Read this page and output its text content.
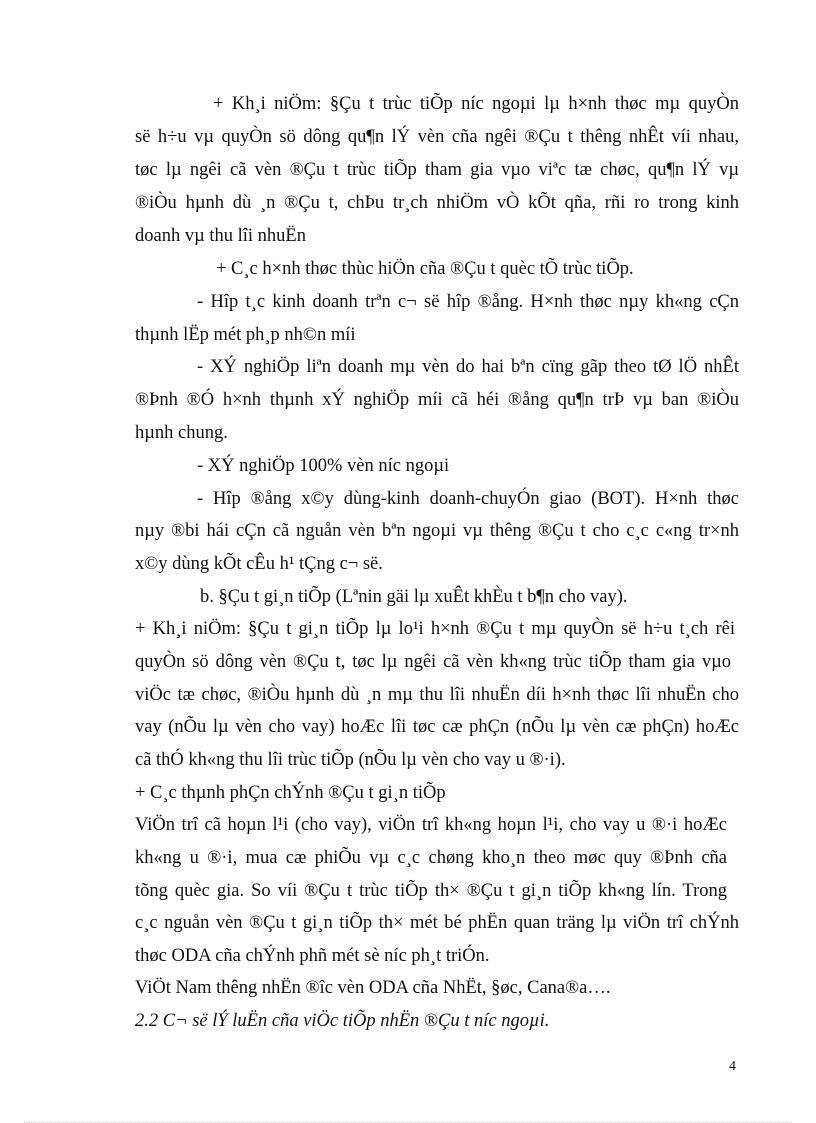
+ Kh¸i niÖm: §Çu t trùc tiÕp níc ngoµi lµ h×nh thøc mµ quyÒn
së h÷u vµ quyÒn sö dông qu¶n lÝ vèn cña ngêi ®Çu t thêng nhÊt víi nhau,
tøc lµ ngêi cã vèn ®Çu t trùc tiÕp tham gia vµo viªc tæ chøc, qu¶n lÝ vµ
®iÒu hµnh dù ¸n ®Çu t, chÞu tr¸ch nhiÖm vÒ kÕt qña, rñi ro trong kinh
doanh vµ thu lîi nhuËn
+ C¸c h×nh thøc thùc hiÖn cña ®Çu t quèc tÕ trùc tiÕp.
- Hîp t¸c kinh doanh trªn c¬ së hîp ®ång. H×nh thøc nµy kh«ng cÇn
thµnh lËp mét ph¸p nh©n míi
- XÝ nghiÖp liªn doanh mµ vèn do hai bªn cïng gãp theo tØ lÖ nhÊt
®Þnh ®Ó h×nh thµnh xÝ nghiÖp míi cã héi ®ång qu¶n trÞ vµ ban ®iÒu
hµnh chung.
- XÝ nghiÖp 100% vèn níc ngoµi
- Hîp ®ång x©y dùng-kinh doanh-chuyÓn giao (BOT). H×nh thøc
nµy ®bi hái cÇn cã nguån vèn bªn ngoµi vµ thêng ®Çu t cho c¸c c«ng tr×nh
x©y dùng kÕt cÊu h¹ tÇng c¬ së.
b. §Çu t gi¸n tiÕp (Lªnin gäi lµ xuÊt khÈu t b¶n cho vay).
+ Kh¸i niÖm: §Çu t gi¸n tiÕp lµ lo¹i h×nh ®Çu t mµ quyÒn së h÷u t¸ch rêi
quyÒn sö dông vèn ®Çu t, tøc lµ ngêi cã vèn kh«ng trùc tiÕp tham gia vµo
viÖc tæ chøc, ®iÒu hµnh dù ¸n mµ thu lîi nhuËn díi h×nh thøc lîi nhuËn cho
vay (nÕu lµ vèn cho vay) hoÆc lîi tøc cæ phÇn (nÕu lµ vèn cæ phÇn) hoÆc
cã thÓ kh«ng thu lîi trùc tiÕp (nÕu lµ vèn cho vay u ®·i).
+ C¸c thµnh phÇn chÝnh ®Çu t gi¸n tiÕp
ViÖn trî cã hoµn l¹i (cho vay), viÖn trî kh«ng hoµn l¹i, cho vay u ®·i hoÆc
kh«ng u ®·i, mua cæ phiÕu vµ c¸c chøng kho¸n theo møc quy ®Þnh cña
tõng quèc gia. So víi ®Çu t trùc tiÕp th× ®Çu t gi¸n tiÕp kh«ng lín. Trong
c¸c nguån vèn ®Çu t gi¸n tiÕp th× mét bé phËn quan träng lµ viÖn trî chÝnh
thøc ODA cña chÝnh phñ mét sè níc ph¸t triÓn.
ViÖt Nam thêng nhËn ®îc vèn ODA cña NhËt, §øc, Cana®a….
2.2 C¬ së lÝ luËn cña viÖc tiÕp nhËn ®Çu t níc ngoµi.
4
